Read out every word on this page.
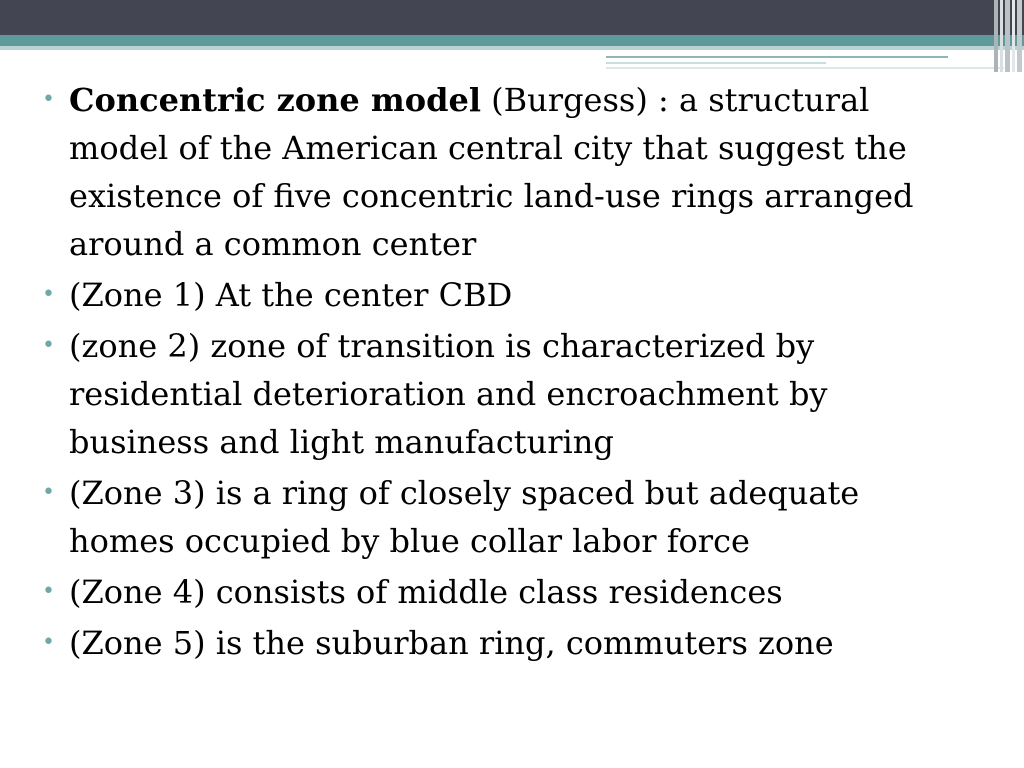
• Concentric zone model (Burgess) : a structural model of the American central city that suggest the existence of five concentric land-use rings arranged around a common center
• (Zone 1) At the center CBD
• (zone 2) zone of transition is characterized by residential deterioration and encroachment by business and light manufacturing
• (Zone 3) is a ring of closely spaced but adequate homes occupied by blue collar labor force
• (Zone 4) consists of middle class residences
• (Zone 5) is the suburban ring, commuters zone
